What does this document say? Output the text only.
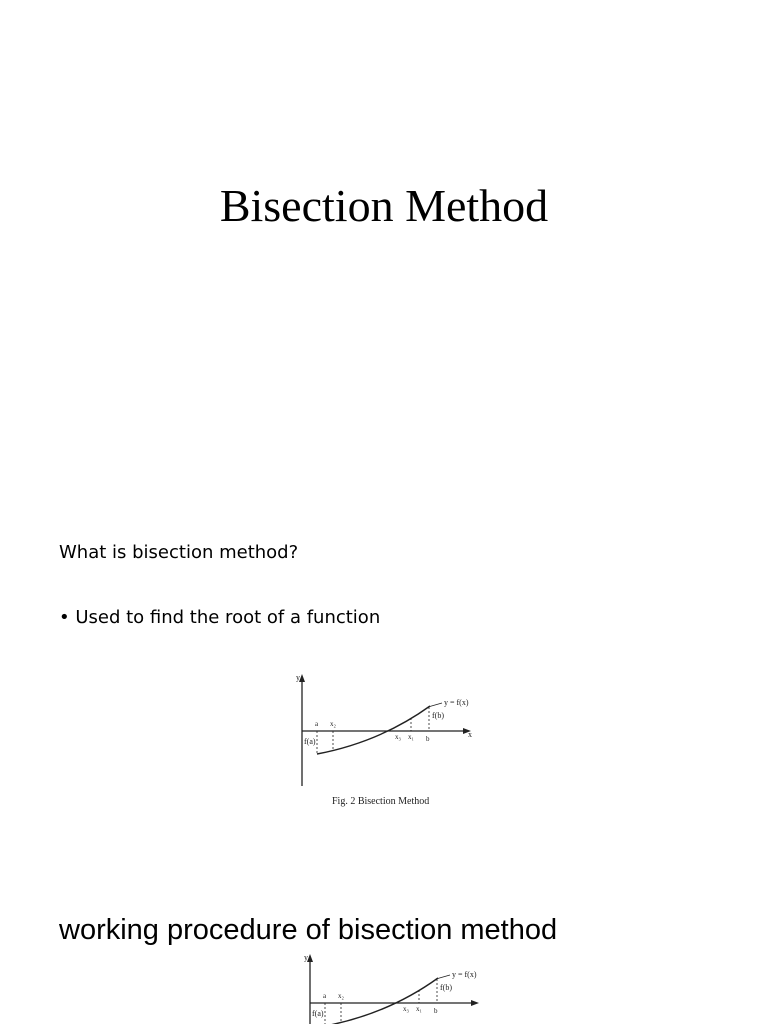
Bisection Method
What is bisection method?
• Used to find the root of a function
y
x
y = f(x)
f(b)
f(a)
a x₂
x₃ x₁ b
Fig. 2 Bisection Method
working procedure of bisection method
y
y = f(x)
f(b)
f(a)
a x₂
x₃ x₁ b
